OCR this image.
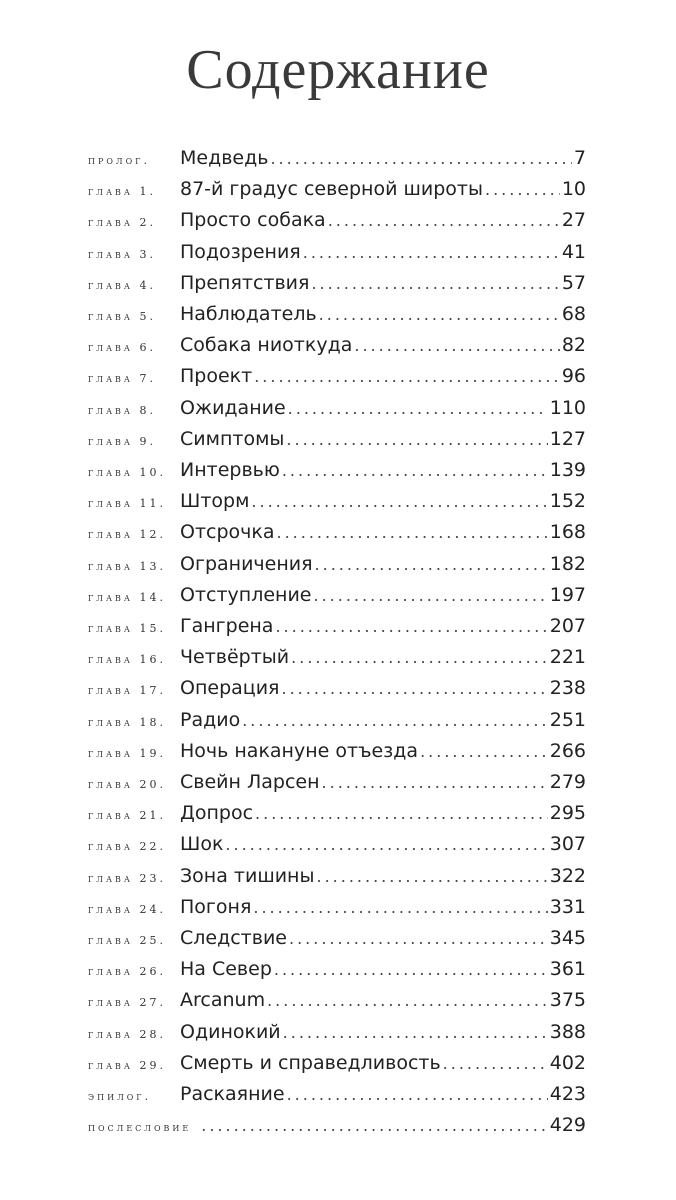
Содержание
пролог.	Медведь .....	7
глава 1.	87-й градус северной широты .....	10
глава 2.	Просто собака .....	27
глава 3.	Подозрения .....	41
глава 4.	Препятствия .....	57
глава 5.	Наблюдатель .....	68
глава 6.	Собака ниоткуда .....	82
глава 7.	Проект .....	96
глава 8.	Ожидание .....	110
глава 9.	Симптомы .....	127
глава 10. Интервью .....	139
глава 11. Шторм .....	152
глава 12. Отсрочка .....	168
глава 13. Ограничения .....	182
глава 14. Отступление .....	197
глава 15. Гангрена .....	207
глава 16. Четвёртый .....	221
глава 17. Операция .....	238
глава 18. Радио .....	251
глава 19. Ночь накануне отъезда .....	266
глава 20. Свейн Ларсен .....	279
глава 21. Допрос .....	295
глава 22. Шок .....	307
глава 23. Зона тишины .....	322
глава 24. Погоня .....	331
глава 25. Следствие .....	345
глава 26. На Север .....	361
глава 27. Arcanum .....	375
глава 28. Одинокий .....	388
глава 29. Смерть и справедливость .....	402
эпилог.	Раскаяние .....	423
послесловие .....	429
